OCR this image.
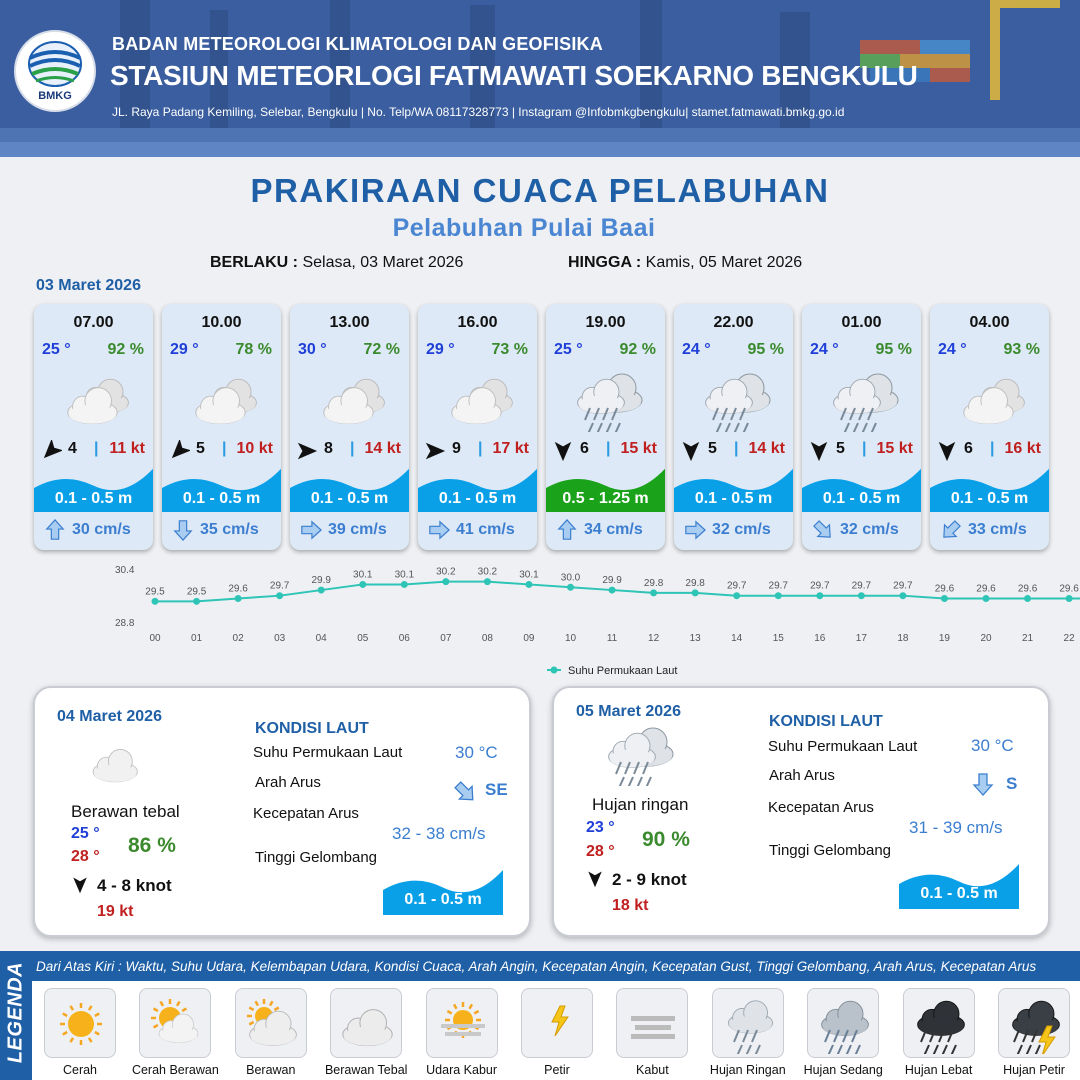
BMKG
BADAN METEOROLOGI KLIMATOLOGI DAN GEOFISIKA
STASIUN METEORLOGI FATMAWATI SOEKARNO BENGKULU
JL. Raya Padang Kemiling, Selebar, Bengkulu | No. Telp/WA 08117328773 | Instagram @Infobmkgbengkulu| stamet.fatmawati.bmkg.go.id
PRAKIRAAN CUACA PELABUHAN
Pelabuhan Pulai Baai
BERLAKU : Selasa, 03 Maret 2026	HINGGA : Kamis, 05 Maret 2026
03 Maret 2026
07.00
25 ° 92 %
4 | 11 kt
0.1 - 0.5 m
30 cm/s
10.00
29 ° 78 %
5 | 10 kt
0.1 - 0.5 m
35 cm/s
13.00
30 ° 72 %
8 | 14 kt
0.1 - 0.5 m
39 cm/s
16.00
29 ° 73 %
9 | 17 kt
0.1 - 0.5 m
41 cm/s
19.00
25 ° 92 %
6 | 15 kt
0.5 - 1.25 m
34 cm/s
22.00
24 ° 95 %
5 | 14 kt
0.1 - 0.5 m
32 cm/s
01.00
24 ° 95 %
5 | 15 kt
0.1 - 0.5 m
32 cm/s
04.00
24 ° 93 %
6 | 16 kt
0.1 - 0.5 m
33 cm/s
30.4
28.8
29.5
00
29.5
01
29.6
02
29.7
03
29.9
04
30.1
05
30.1
06
30.2
07
30.2
08
30.1
09
30.0
10
29.9
11
29.8
12
29.8
13
29.7
14
29.7
15
29.7
16
29.7
17
29.7
18
29.6
19
29.6
20
29.6
21
29.6
22
Suhu Permukaan Laut
04 Maret 2026
Berawan tebal
25 °
28 ° 86 %
4 - 8 knot
19 kt
KONDISI LAUT
Suhu Permukaan Laut	30 °C
Arah Arus	SE
Kecepatan Arus
32 - 38 cm/s
Tinggi Gelombang
0.1 - 0.5 m
05 Maret 2026
Hujan ringan
23 °
28 °
90 %
2 - 9 knot
18 kt
KONDISI LAUT
Suhu Permukaan Laut	30 °C
Arah Arus	S
Kecepatan Arus
31 - 39 cm/s
Tinggi Gelombang
0.1 - 0.5 m
LEGENDA Dari Atas Kiri : Waktu, Suhu Udara, Kelembapan Udara, Kondisi Cuaca, Arah Angin, Kecepatan Angin, Kecepatan Gust, Tinggi Gelombang, Arah Arus, Kecepatan Arus
Cerah	Cerah Berawan	Berawan	Berawan Tebal	Udara Kabur	Petir	Kabut	Hujan Ringan	Hujan Sedang	Hujan Lebat	Hujan Petir
